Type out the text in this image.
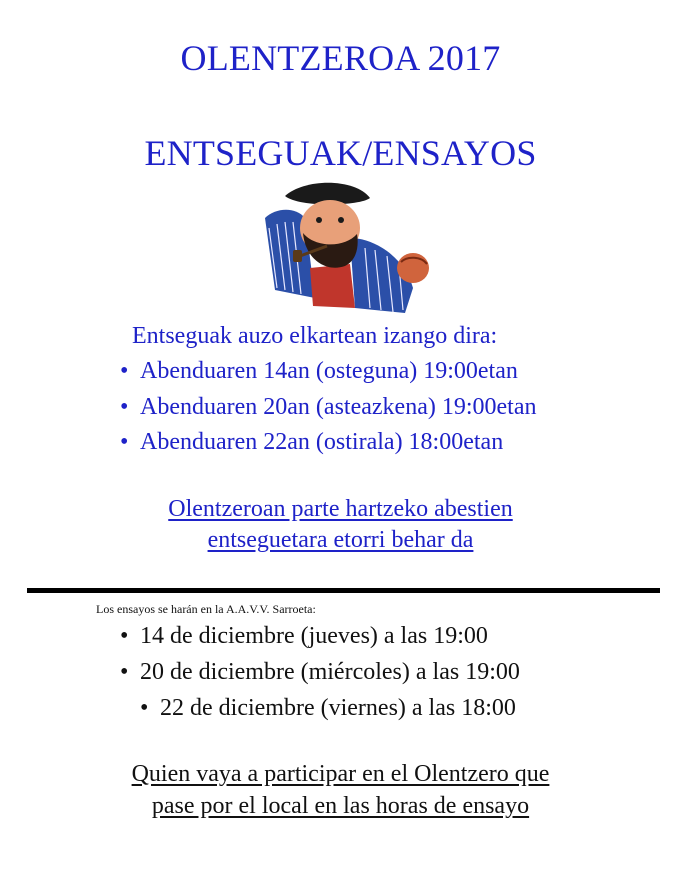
OLENTZEROA 2017
ENTSEGUAK/ENSAYOS
Entseguak auzo elkartean izango dira:
• Abenduaren 14an (osteguna) 19:00etan
• Abenduaren 20an (asteazkena) 19:00etan
• Abenduaren 22an (ostirala) 18:00etan
Olentzeroan parte hartzeko abestien
entseguetara etorri behar da
Los ensayos se harán en la A.A.V.V. Sarroeta:
• 14 de diciembre (jueves) a las 19:00
• 20 de diciembre (miércoles) a las 19:00
• 22 de diciembre (viernes) a las 18:00
Quien vaya a participar en el Olentzero que
pase por el local en las horas de ensayo
